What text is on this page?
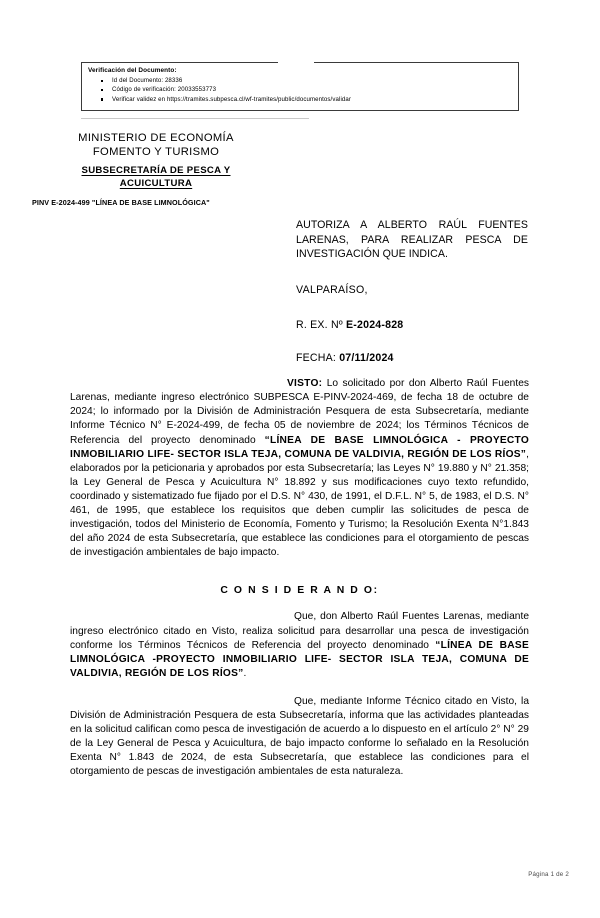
Verificación del Documento:
Id del Documento: 28336
Código de verificación: 20033553773
Verificar validez en https://tramites.subpesca.cl/wf-tramites/public/documentos/validar
MINISTERIO DE ECONOMÍA
FOMENTO Y TURISMO
SUBSECRETARÍA DE PESCA Y
ACUICULTURA
PINV E-2024-499 "LÍNEA DE BASE LIMNOLÓGICA"
AUTORIZA A ALBERTO RAÚL FUENTES LARENAS, PARA REALIZAR PESCA DE INVESTIGACIÓN QUE INDICA.
VALPARAÍSO,
R. EX. Nº E-2024-828
FECHA: 07/11/2024

VISTO: Lo solicitado por don Alberto Raúl Fuentes Larenas, mediante ingreso electrónico SUBPESCA E-PINV-2024-469, de fecha 18 de octubre de 2024; lo informado por la División de Administración Pesquera de esta Subsecretaría, mediante Informe Técnico N° E-2024-499, de fecha 05 de noviembre de 2024; los Términos Técnicos de Referencia del proyecto denominado “LÍNEA DE BASE LIMNOLÓGICA - PROYECTO INMOBILIARIO LIFE- SECTOR ISLA TEJA, COMUNA DE VALDIVIA, REGIÓN DE LOS RÍOS”, elaborados por la peticionaria y aprobados por esta Subsecretaría; las Leyes N° 19.880 y N° 21.358; la Ley General de Pesca y Acuicultura N° 18.892 y sus modificaciones cuyo texto refundido, coordinado y sistematizado fue fijado por el D.S. N° 430, de 1991, el D.F.L. N° 5, de 1983, el D.S. N° 461, de 1995, que establece los requisitos que deben cumplir las solicitudes de pesca de investigación, todos del Ministerio de Economía, Fomento y Turismo; la Resolución Exenta N°1.843 del año 2024 de esta Subsecretaría, que establece las condiciones para el otorgamiento de pescas de investigación ambientales de bajo impacto.

C O N S I D E R A N D O:

Que, don Alberto Raúl Fuentes Larenas, mediante ingreso electrónico citado en Visto, realiza solicitud para desarrollar una pesca de investigación conforme los Términos Técnicos de Referencia del proyecto denominado “LÍNEA DE BASE LIMNOLÓGICA -PROYECTO INMOBILIARIO LIFE- SECTOR ISLA TEJA, COMUNA DE VALDIVIA, REGIÓN DE LOS RÍOS”.

Que, mediante Informe Técnico citado en Visto, la División de Administración Pesquera de esta Subsecretaría, informa que las actividades planteadas en la solicitud califican como pesca de investigación de acuerdo a lo dispuesto en el artículo 2° N° 29 de la Ley General de Pesca y Acuicultura, de bajo impacto conforme lo señalado en la Resolución Exenta N° 1.843 de 2024, de esta Subsecretaría, que establece las condiciones para el otorgamiento de pescas de investigación ambientales de esta naturaleza.

Página 1 de 2
